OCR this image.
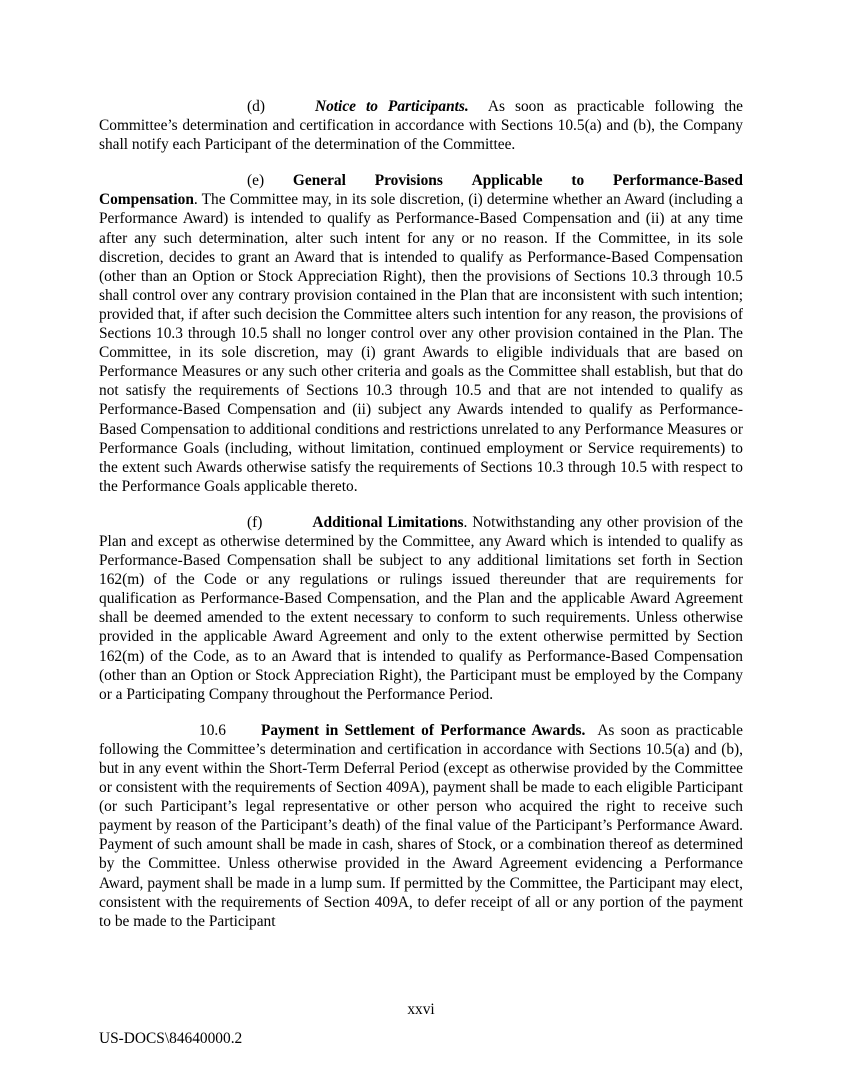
(d)	Notice to Participants. As soon as practicable following the Committee’s determination and certification in accordance with Sections 10.5(a) and (b), the Company shall notify each Participant of the determination of the Committee.

(e) General Provisions Applicable to Performance-Based
Compensation. The Committee may, in its sole discretion, (i) determine whether an Award (including a Performance Award) is intended to qualify as Performance-Based Compensation and (ii) at any time after any such determination, alter such intent for any or no reason. If the Committee, in its sole discretion, decides to grant an Award that is intended to qualify as Performance-Based Compensation (other than an Option or Stock Appreciation Right), then the provisions of Sections 10.3 through 10.5 shall control over any contrary provision contained in the Plan that are inconsistent with such intention; provided that, if after such decision the Committee alters such intention for any reason, the provisions of Sections 10.3 through 10.5 shall no longer control over any other provision contained in the Plan. The Committee, in its sole discretion, may (i) grant Awards to eligible individuals that are based on Performance Measures or any such other criteria and goals as the Committee shall establish, but that do not satisfy the requirements of Sections 10.3 through 10.5 and that are not intended to qualify as Performance-Based Compensation and (ii) subject any Awards intended to qualify as Performance-Based Compensation to additional conditions and restrictions unrelated to any Performance Measures or Performance Goals (including, without limitation, continued employment or Service requirements) to the extent such Awards otherwise satisfy the requirements of Sections 10.3 through 10.5 with respect to the Performance Goals applicable thereto.

(f)	Additional Limitations. Notwithstanding any other provision of the Plan and except as otherwise determined by the Committee, any Award which is intended to qualify as Performance-Based Compensation shall be subject to any additional limitations set forth in Section 162(m) of the Code or any regulations or rulings issued thereunder that are requirements for qualification as Performance-Based Compensation, and the Plan and the applicable Award Agreement shall be deemed amended to the extent necessary to conform to such requirements. Unless otherwise provided in the applicable Award Agreement and only to the extent otherwise permitted by Section 162(m) of the Code, as to an Award that is intended to qualify as Performance-Based Compensation (other than an Option or Stock Appreciation Right), the Participant must be employed by the Company or a Participating Company throughout the Performance Period.

10.6 Payment in Settlement of Performance Awards. As soon as practicable following the Committee’s determination and certification in accordance with Sections 10.5(a) and (b), but in any event within the Short-Term Deferral Period (except as otherwise provided by the Committee or consistent with the requirements of Section 409A), payment shall be made to each eligible Participant (or such Participant’s legal representative or other person who acquired the right to receive such payment by reason of the Participant’s death) of the final value of the Participant’s Performance Award. Payment of such amount shall be made in cash, shares of Stock, or a combination thereof as determined by the Committee. Unless otherwise provided in the Award Agreement evidencing a Performance Award, payment shall be made in a lump sum. If permitted by the Committee, the Participant may elect, consistent with the requirements of Section 409A, to defer receipt of all or any portion of the payment to be made to the Participant

xxvi
US-DOCS\84640000.2
